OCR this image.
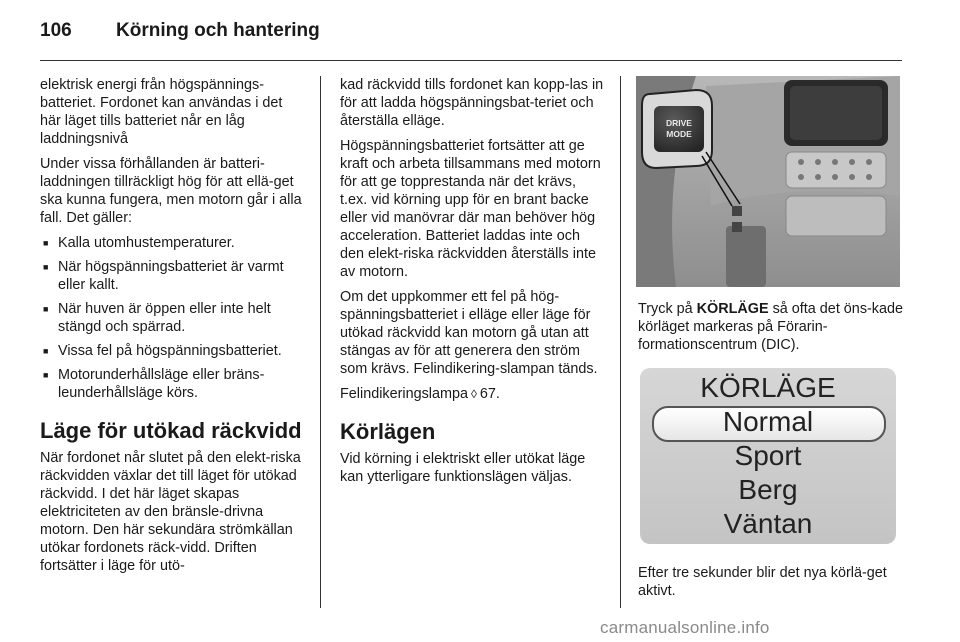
106 Körning och hantering

elektrisk energi från högspännings-batteriet. Fordonet kan användas i det här läget tills batteriet når en låg laddningsnivå

Under vissa förhållanden är batteri-laddningen tillräckligt hög för att ellä-get ska kunna fungera, men motorn går i alla fall. Det gäller:

■ Kalla utomhustemperaturer.
■ När högspänningsbatteriet är varmt eller kallt.
■ När huven är öppen eller inte helt stängd och spärrad.
■ Vissa fel på högspänningsbatteriet.
■ Motorunderhållsläge eller bräns-leunderhållsläge körs.
Läge för utökad räckvidd

När fordonet når slutet på den elekt-riska räckvidden växlar det till läget för utökad räckvidd. I det här läget skapas elektriciteten av den bränsle-drivna motorn. Den här sekundära strömkällan utökar fordonets räck-vidd. Driften fortsätter i läge för utö-

kad räckvidd tills fordonet kan kopp-las in för att ladda högspänningsbat-teriet och återställa elläge.

Högspänningsbatteriet fortsätter att ge kraft och arbeta tillsammans med motorn för att ge topprestanda när det krävs, t.ex. vid körning upp för en brant backe eller vid manövrar där man behöver hög acceleration. Batteriet laddas inte och den elekt-riska räckvidden återställs inte av motorn.

Om det uppkommer ett fel på hög-spänningsbatteriet i elläge eller läge för utökad räckvidd kan motorn gå utan att stängas av för att generera den ström som krävs. Felindikering-slampan tänds.

Felindikeringslampa ◊ 67.

Körlägen

Vid körning i elektriskt eller utökat läge kan ytterligare funktionslägen väljas.

DRIVE
MODE

Tryck på KÖRLÄGE så ofta det öns-kade körläget markeras på Förarin-formationscentrum (DIC).

KÖRLÄGE
Normal
Sport
Berg
Väntan

Efter tre sekunder blir det nya körlä-get aktivt.

carmanualsonline.info
